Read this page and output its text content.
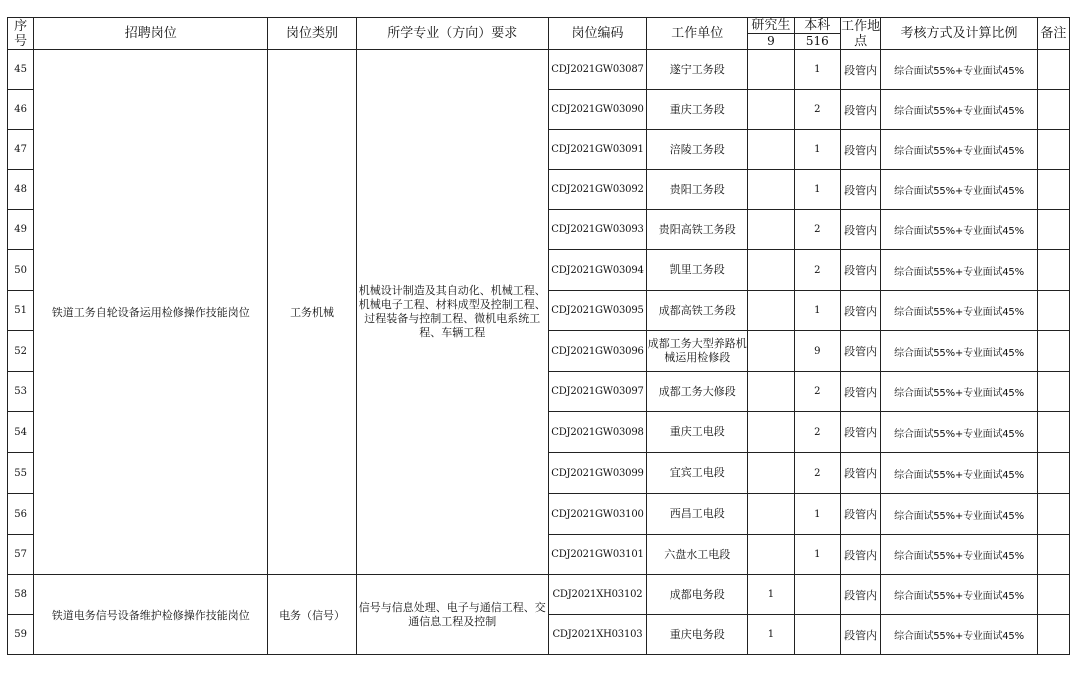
序号	招聘岗位	岗位类别	所学专业（方向）要求	岗位编码	工作单位	研究生	本科	工作地点	考核方式及计算比例	备注
						9	516			
45	铁道工务自轮设备运用检修操作技能岗位	工务机械	机械设计制造及其自动化、机械工程、机械电子工程、材料成型及控制工程、过程装备与控制工程、微机电系统工程、车辆工程	CDJ2021GW03087	遂宁工务段		1	段管内	综合面试55%+专业面试45%	
46				CDJ2021GW03090	重庆工务段		2	段管内	综合面试55%+专业面试45%	
47				CDJ2021GW03091	涪陵工务段		1	段管内	综合面试55%+专业面试45%	
48				CDJ2021GW03092	贵阳工务段		1	段管内	综合面试55%+专业面试45%	
49				CDJ2021GW03093	贵阳高铁工务段		2	段管内	综合面试55%+专业面试45%	
50				CDJ2021GW03094	凯里工务段		2	段管内	综合面试55%+专业面试45%	
51				CDJ2021GW03095	成都高铁工务段		1	段管内	综合面试55%+专业面试45%	
52				CDJ2021GW03096	成都工务大型养路机械运用检修段		9	段管内	综合面试55%+专业面试45%	
53				CDJ2021GW03097	成都工务大修段		2	段管内	综合面试55%+专业面试45%	
54				CDJ2021GW03098	重庆工电段		2	段管内	综合面试55%+专业面试45%	
55				CDJ2021GW03099	宜宾工电段		2	段管内	综合面试55%+专业面试45%	
56				CDJ2021GW03100	西昌工电段		1	段管内	综合面试55%+专业面试45%	
57				CDJ2021GW03101	六盘水工电段		1	段管内	综合面试55%+专业面试45%	
58	铁道电务信号设备维护检修操作技能岗位	电务（信号）	信号与信息处理、电子与通信工程、交通信息工程及控制	CDJ2021XH03102	成都电务段	1		段管内	综合面试55%+专业面试45%	
59				CDJ2021XH03103	重庆电务段	1		段管内	综合面试55%+专业面试45%	
